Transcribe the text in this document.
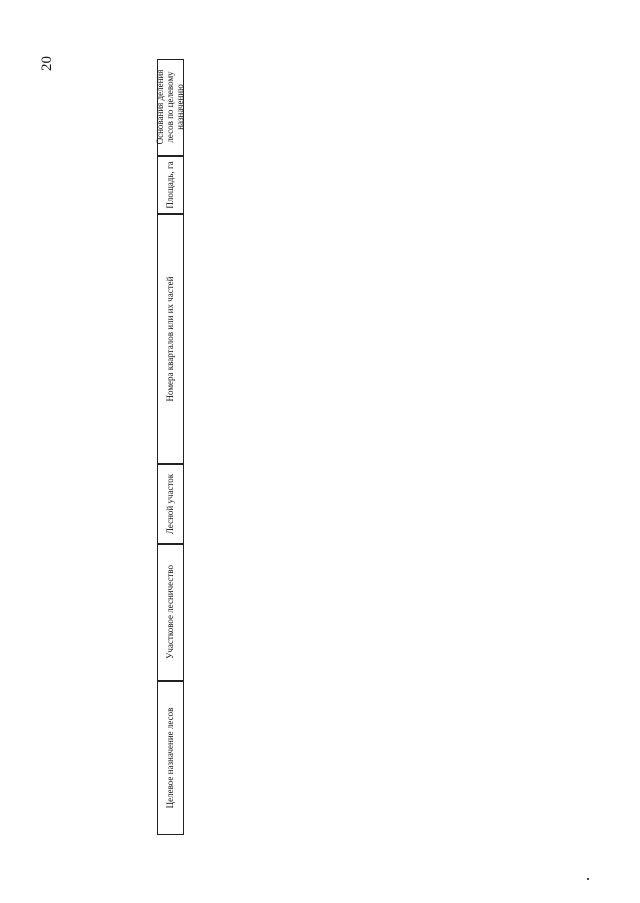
20
Основания деления лесов по целевому назначению
Площадь, га
Номера кварталов или их частей
Лесной участок
Участковое лесничество
Целевое назначение лесов
